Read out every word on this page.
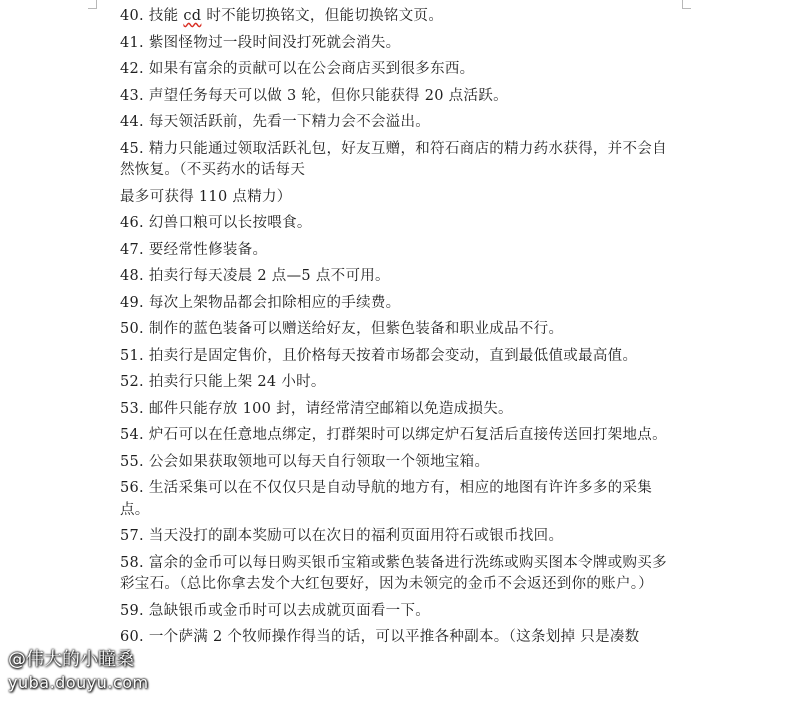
40. 技能 cd 时不能切换铭文，但能切换铭文页。
41. 紫图怪物过一段时间没打死就会消失。
42. 如果有富余的贡献可以在公会商店买到很多东西。
43. 声望任务每天可以做 3 轮，但你只能获得 20 点活跃。
44. 每天领活跃前，先看一下精力会不会溢出。
45. 精力只能通过领取活跃礼包，好友互赠，和符石商店的精力药水获得，并不会自然恢复。（不买药水的话每天
最多可获得 110 点精力）
46. 幻兽口粮可以长按喂食。
47. 要经常性修装备。
48. 拍卖行每天凌晨 2 点—5 点不可用。
49. 每次上架物品都会扣除相应的手续费。
50. 制作的蓝色装备可以赠送给好友，但紫色装备和职业成品不行。
51. 拍卖行是固定售价，且价格每天按着市场都会变动，直到最低值或最高值。
52. 拍卖行只能上架 24 小时。
53. 邮件只能存放 100 封，请经常清空邮箱以免造成损失。
54. 炉石可以在任意地点绑定，打群架时可以绑定炉石复活后直接传送回打架地点。
55. 公会如果获取领地可以每天自行领取一个领地宝箱。
56. 生活采集可以在不仅仅只是自动导航的地方有，相应的地图有许许多多的采集点。
57. 当天没打的副本奖励可以在次日的福利页面用符石或银币找回。
58. 富余的金币可以每日购买银币宝箱或紫色装备进行洗练或购买图本令牌或购买多彩宝石。（总比你拿去发个大红包要好，因为未领完的金币不会返还到你的账户。）
59. 急缺银币或金币时可以去成就页面看一下。
60. 一个萨满 2 个牧师操作得当的话，可以平推各种副本。（这条划掉 只是凑数
@伟大的小瞳桑
yuba.douyu.com
